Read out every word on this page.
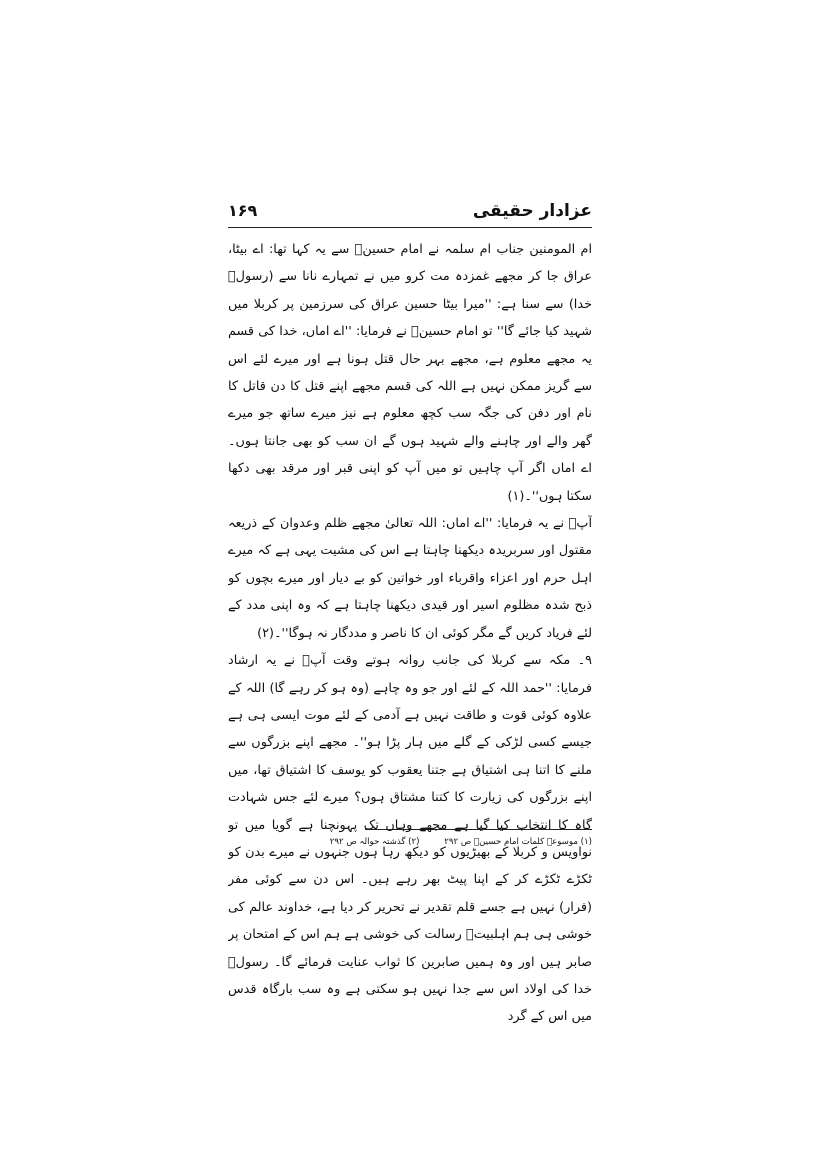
عزادار حقیقی
۱۶۹

ام المومنین جناب ام سلمہ نے امام حسینؑ سے یہ کہا تھا: اے بیٹا، عراق جا کر مجھے غمزدہ مت کرو میں نے تمہارے نانا سے (رسولؐ خدا) سے سنا ہے: ''میرا بیٹا حسین عراق کی سرزمین پر کربلا میں شہید کیا جائے گا'' تو امام حسینؑ نے فرمایا: ''اے اماں، خدا کی قسم یہ مجھے معلوم ہے، مجھے بہر حال قتل ہونا ہے اور میرے لئے اس سے گریز ممکن نہیں ہے اللہ کی قسم مجھے اپنے قتل کا دن قاتل کا نام اور دفن کی جگہ سب کچھ معلوم ہے نیز میرے ساتھ جو میرے گھر والے اور چاہنے والے شہید ہوں گے ان سب کو بھی جانتا ہوں۔ اے اماں اگر آپ چاہیں تو میں آپ کو اپنی قبر اور مرقد بھی دکھا سکتا ہوں''۔(۱)

آپؑ نے یہ فرمایا: ''اے اماں: اللہ تعالیٰ مجھے ظلم وعدوان کے ذریعہ مقتول اور سربریدہ دیکھنا چاہتا ہے اس کی مشیت یہی ہے کہ میرے اہل حرم اور اعزاء واقرباء اور خواتین کو بے دیار اور میرے بچوں کو ذبح شدہ مظلوم اسیر اور قیدی دیکھنا چاہتا ہے کہ وہ اپنی مدد کے لئے فریاد کریں گے مگر کوئی ان کا ناصر و مددگار نہ ہوگا''۔(۲)

۹۔ مکہ سے کربلا کی جانب روانہ ہوتے وقت آپؑ نے یہ ارشاد فرمایا: ''حمد اللہ کے لئے اور جو وہ چاہے (وہ ہو کر رہے گا) اللہ کے علاوہ کوئی قوت و طاقت نہیں ہے آدمی کے لئے موت ایسی ہی ہے جیسے کسی لڑکی کے گلے میں ہار پڑا ہو''۔ مجھے اپنے بزرگوں سے ملنے کا اتنا ہی اشتیاق ہے جتنا یعقوب کو یوسف کا اشتیاق تھا، میں اپنے بزرگوں کی زیارت کا کتنا مشتاق ہوں؟ میرے لئے جس شہادت گاہ کا انتخاب کیا گیا ہے مجھے وہاں تک پہونچنا ہے گویا میں تو نواویس و کربلا کے بھیڑیوں کو دیکھ رہا ہوں جنہوں نے میرے بدن کو ٹکڑے ٹکڑے کر کے اپنا پیٹ بھر رہے ہیں۔ اس دن سے کوئی مفر (فرار) نہیں ہے جسے قلم تقدیر نے تحریر کر دیا ہے، خداوند عالم کی خوشی ہی ہم اہلبیتؑ رسالت کی خوشی ہے ہم اس کے امتحان پر صابر ہیں اور وہ ہمیں صابرین کا ثواب عنایت فرمائے گا۔ رسولؐ خدا کی اولاد اس سے جدا نہیں ہو سکتی ہے وہ سب بارگاہ قدس میں اس کے گرد

(۱) موسوعہ کلمات امام حسینؑ ص ۲۹۲ (۲) گذشتہ حوالہ ص ۲۹۲
